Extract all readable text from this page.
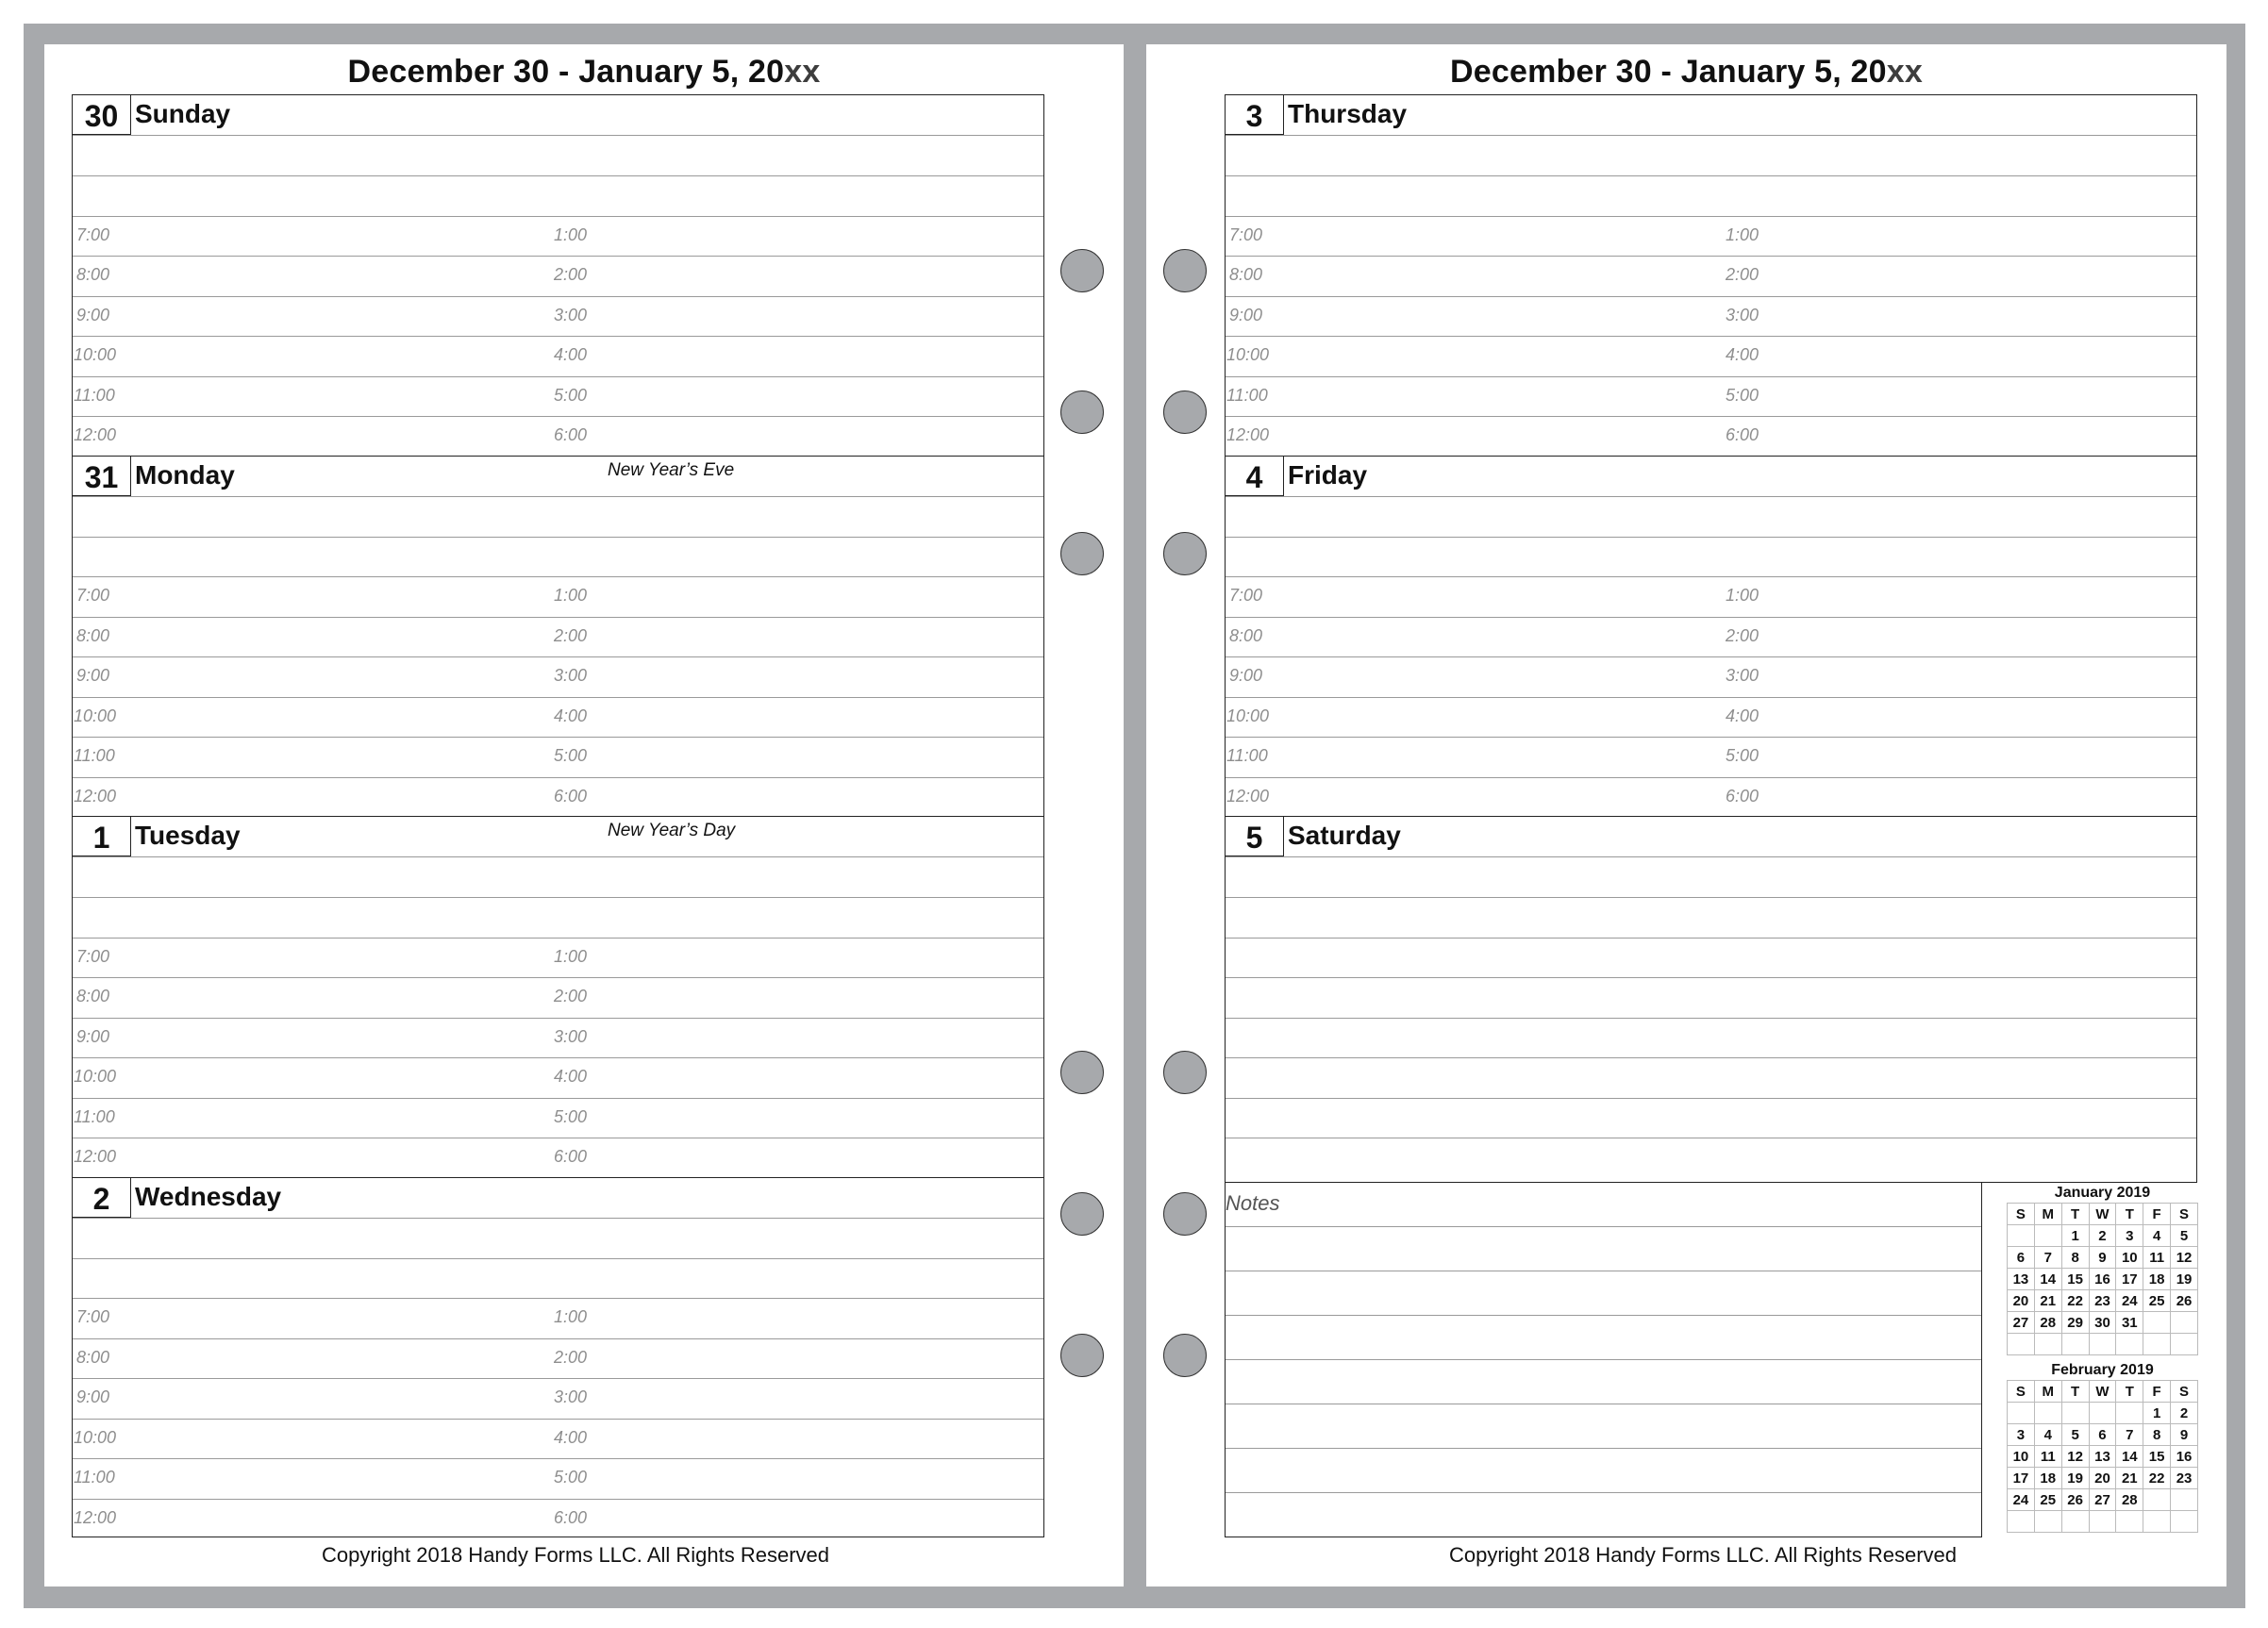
December 30 - January 5, 20xx
30 Sunday
7:00	1:00
8:00	2:00
9:00	3:00
10:00	4:00
11:00	5:00
12:00	6:00
31 Monday	New Year’s Eve
7:00	1:00
8:00	2:00
9:00	3:00
10:00	4:00
11:00	5:00
12:00	6:00
1 Tuesday	New Year’s Day
7:00	1:00
8:00	2:00
9:00	3:00
10:00	4:00
11:00	5:00
12:00	6:00
2 Wednesday
7:00	1:00
8:00	2:00
9:00	3:00
10:00	4:00
11:00	5:00
12:00	6:00
Copyright 2018 Handy Forms LLC. All Rights Reserved
December 30 - January 5, 20xx
3 Thursday
7:00	1:00
8:00	2:00
9:00	3:00
10:00	4:00
11:00	5:00
12:00	6:00
4 Friday
7:00	1:00
8:00	2:00
9:00	3:00
10:00	4:00
11:00	5:00
12:00	6:00
5 Saturday
Notes	January 2019
S	M	T	W	T	F	S
		1	2	3	4	5
6	7	8	9	10	11	12
13	14	15	16	17	18	19
20	21	22	23	24	25	26
27	28	29	30	31		

February 2019
S	M	T	W	T	F	S
					1	2
3	4	5	6	7	8	9
10	11	12	13	14	15	16
17	18	19	20	21	22	23
24	25	26	27	28		

Copyright 2018 Handy Forms LLC. All Rights Reserved
